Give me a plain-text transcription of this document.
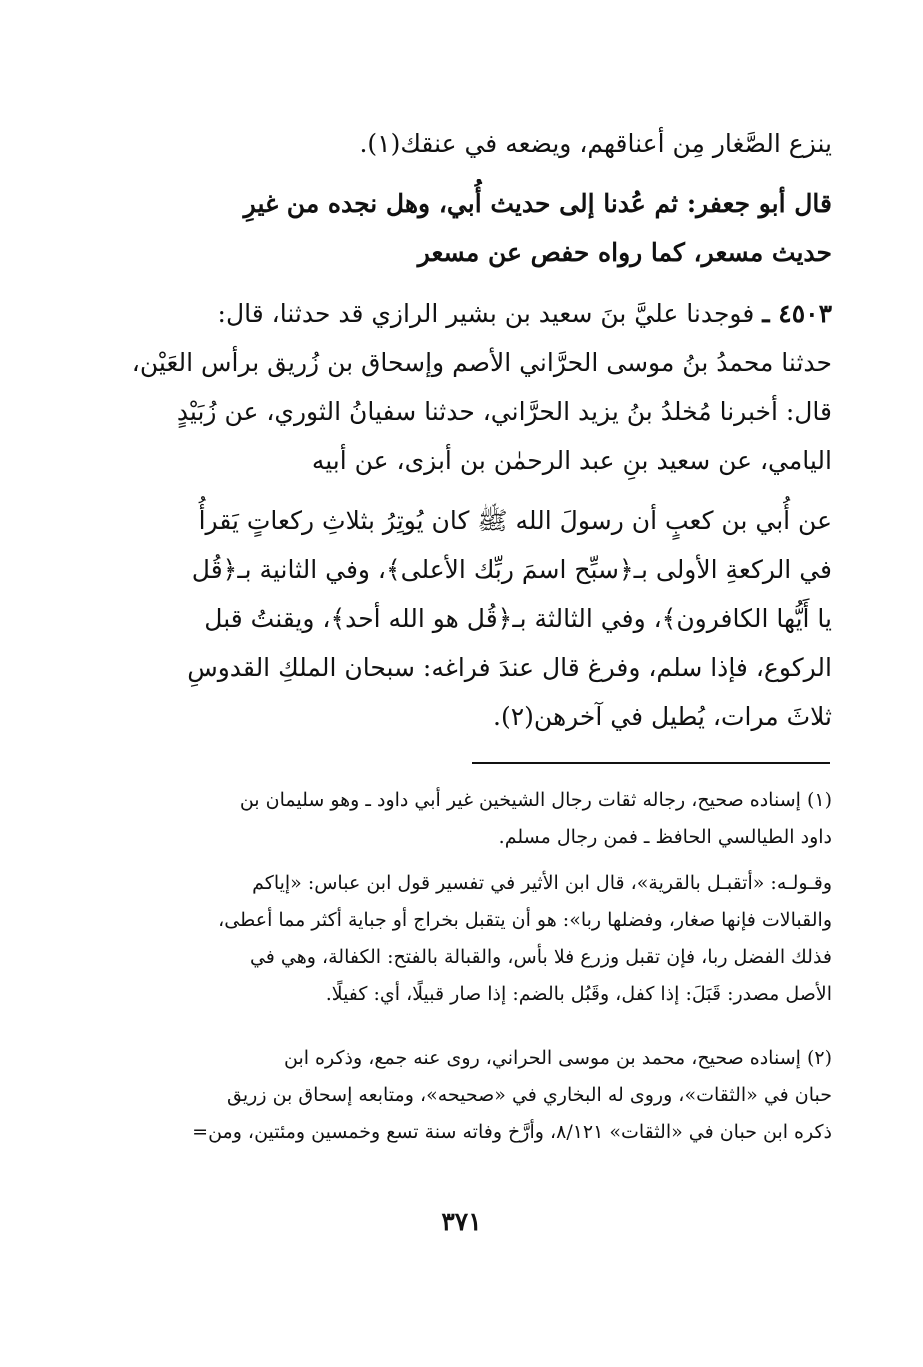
ينزع الصَّغار مِن أعناقهم، ويضعه في عنقك(١).
قال أبو جعفر: ثم عُدنا إلى حديث أُبي، وهل نجده من غيرِ
حديث مسعر، كما رواه حفص عن مسعر
٤٥٠٣ ـ فوجدنا عليَّ بنَ سعيد بن بشير الرازي قد حدثنا، قال:
حدثنا محمدُ بنُ موسى الحرَّاني الأصم وإسحاق بن زُريق برأس العَيْن،
قال: أخبرنا مُخلدُ بنُ يزيد الحرَّاني، حدثنا سفيانُ الثوري، عن زُبَيْدٍ
اليامي، عن سعيد بنِ عبد الرحمٰن بن أبزى، عن أبيه
عن أُبي بن كعبٍ أن رسولَ الله ﷺ كان يُوتِرُ بثلاثِ ركعاتٍ يَقرأُ
في الركعةِ الأولى بـ﴿سبِّح اسمَ ربِّك الأعلى﴾، وفي الثانية بـ﴿قُل
يا أَيُّها الكافرون﴾، وفي الثالثة بـ﴿قُل هو الله أحد﴾، ويقنتُ قبل
الركوع، فإذا سلم، وفرغ قال عندَ فراغه: سبحان الملكِ القدوسِ
ثلاثَ مرات، يُطيل في آخرهن(٢).
(١) إسناده صحيح، رجاله ثقات رجال الشيخين غير أبي داود ـ وهو سليمان بن
داود الطيالسي الحافظ ـ فمن رجال مسلم.
وقـولـه: «أتقبـل بالقرية»، قال ابن الأثير في تفسير قول ابن عباس: «إياكم
والقبالات فإنها صغار، وفضلها ربا»: هو أن يتقبل بخراج أو جباية أكثر مما أعطى،
فذلك الفضل ربا، فإن تقبل وزرع فلا بأس، والقبالة بالفتح: الكفالة، وهي في
الأصل مصدر: قَبَلَ: إذا كفل، وقَبُل بالضم: إذا صار قبيلًا، أي: كفيلًا.
(٢) إسناده صحيح، محمد بن موسى الحراني، روى عنه جمع، وذكره ابن
حبان في «الثقات»، وروى له البخاري في «صحيحه»، ومتابعه إسحاق بن زريق
ذكره ابن حبان في «الثقات» ٨/١٢١، وأرَّخ وفاته سنة تسع وخمسين ومئتين، ومن=
٣٧١
